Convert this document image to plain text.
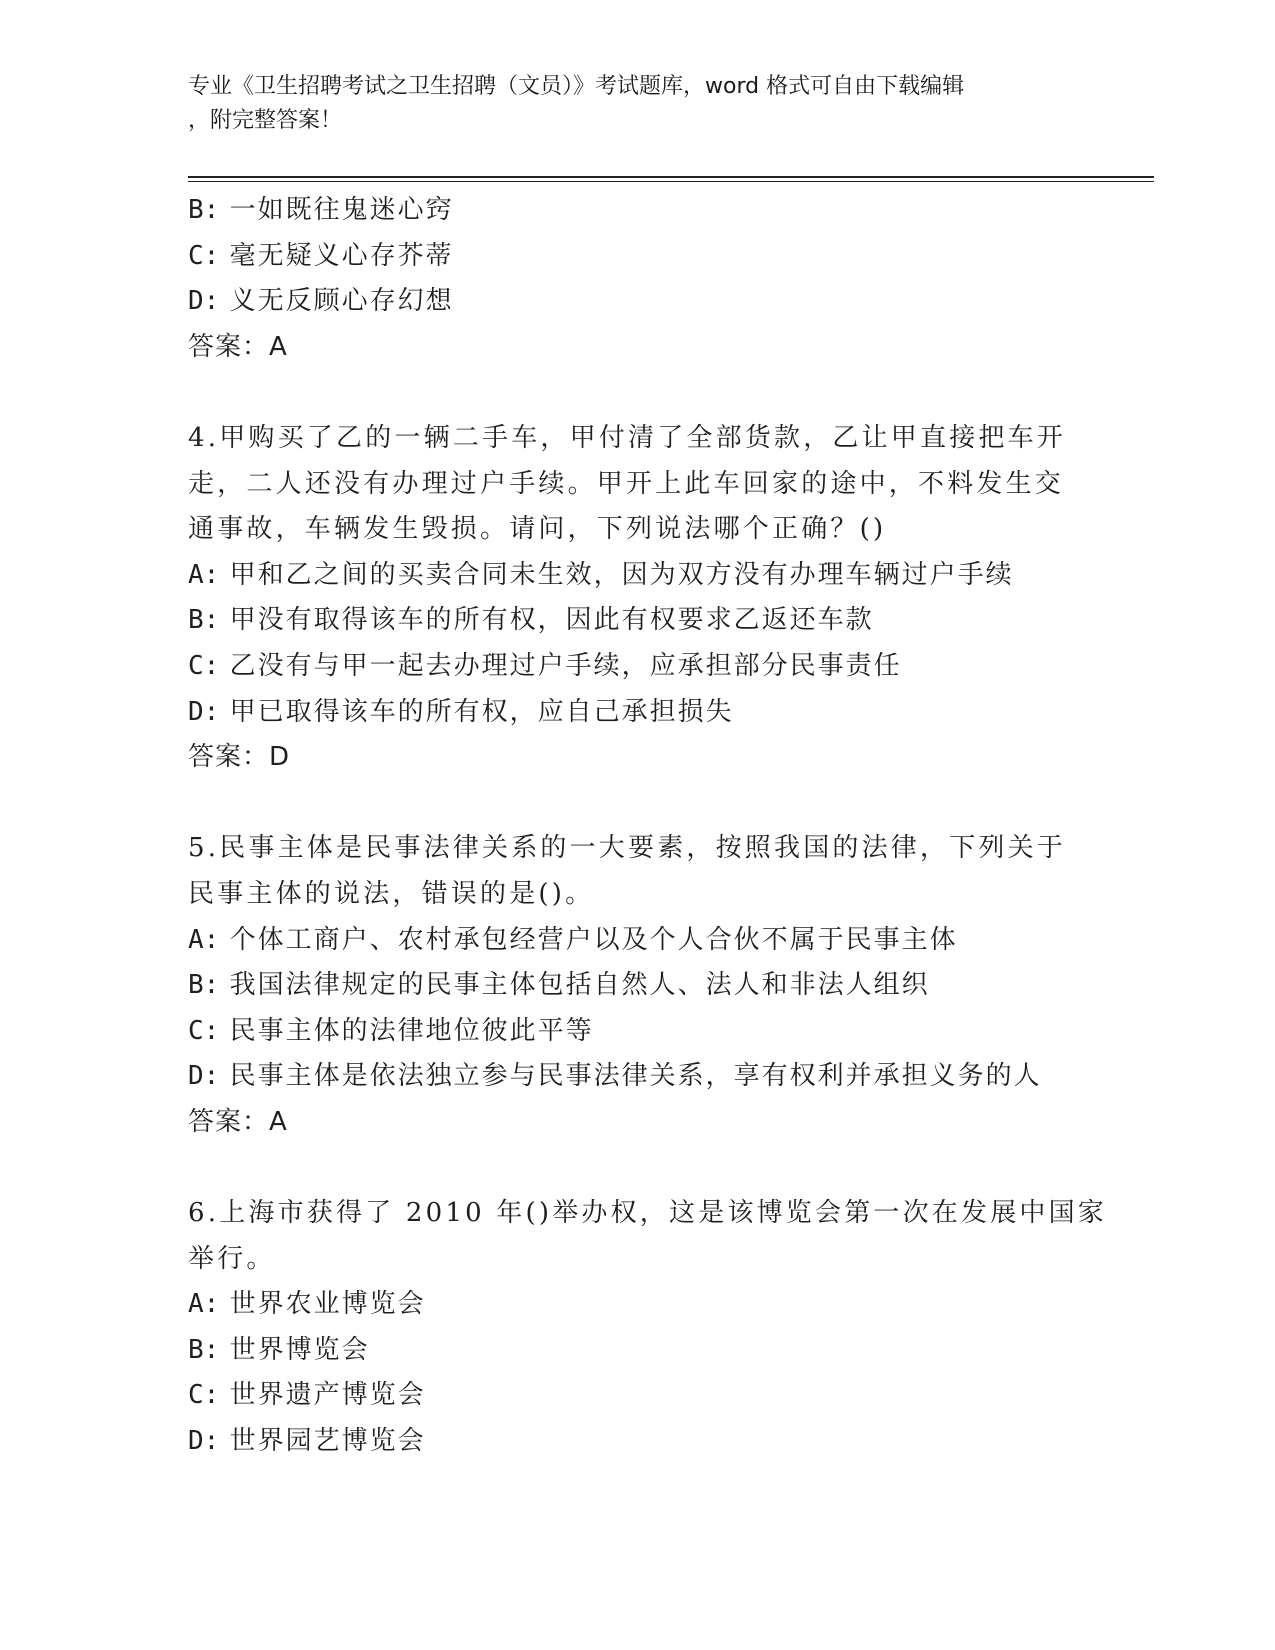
专业《卫生招聘考试之卫生招聘（文员）》考试题库，word 格式可自由下载编辑
，附完整答案！
B: 一如既往鬼迷心窍
C: 毫无疑义心存芥蒂
D: 义无反顾心存幻想
答案：A
4.甲购买了乙的一辆二手车，甲付清了全部货款，乙让甲直接把车开
走，二人还没有办理过户手续。甲开上此车回家的途中，不料发生交
通事故，车辆发生毁损。请问，下列说法哪个正确？()
A: 甲和乙之间的买卖合同未生效，因为双方没有办理车辆过户手续
B: 甲没有取得该车的所有权，因此有权要求乙返还车款
C: 乙没有与甲一起去办理过户手续，应承担部分民事责任
D: 甲已取得该车的所有权，应自己承担损失
答案：D
5.民事主体是民事法律关系的一大要素，按照我国的法律，下列关于
民事主体的说法，错误的是()。
A: 个体工商户、农村承包经营户以及个人合伙不属于民事主体
B: 我国法律规定的民事主体包括自然人、法人和非法人组织
C: 民事主体的法律地位彼此平等
D: 民事主体是依法独立参与民事法律关系，享有权利并承担义务的人
答案：A
6.上海市获得了 2010 年()举办权，这是该博览会第一次在发展中国家
举行。
A: 世界农业博览会
B: 世界博览会
C: 世界遗产博览会
D: 世界园艺博览会
